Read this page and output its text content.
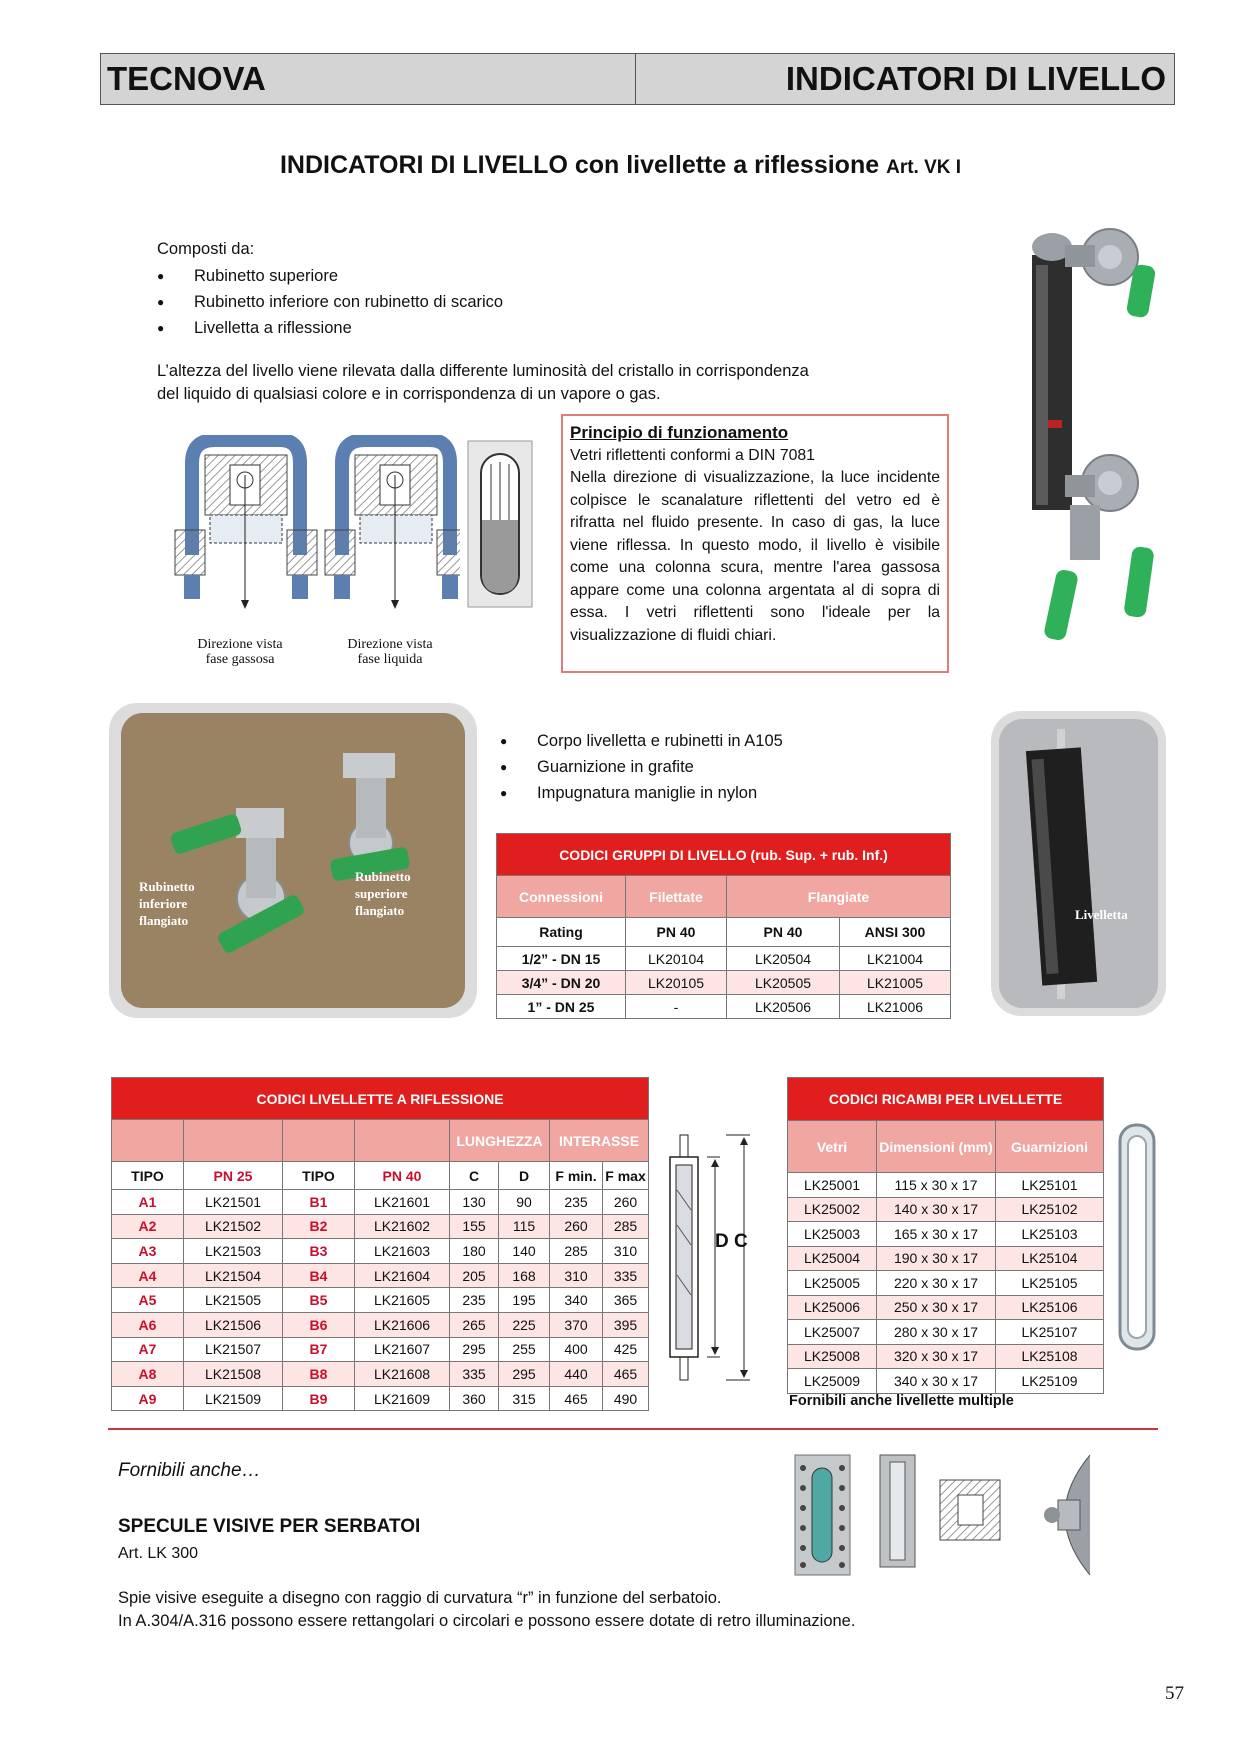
TECNOVA	INDICATORI DI LIVELLO
INDICATORI DI LIVELLO con livellette a riflessione Art. VK I
Composti da:
● Rubinetto superiore
● Rubinetto inferiore con rubinetto di scarico
● Livelletta a riflessione
L’altezza del livello viene rilevata dalla differente luminosità del cristallo in corrispondenza
del liquido di qualsiasi colore e in corrispondenza di un vapore o gas.
Direzione vista
fase gassosa
Direzione vista
fase liquida
Principio di funzionamento
Vetri riflettenti conformi a DIN 7081
Nella direzione di visualizzazione, la luce incidente colpisce le scanalature riflettenti del vetro ed è rifratta nel fluido presente. In caso di gas, la luce viene riflessa. In questo modo, il livello è visibile come una colonna scura, mentre l'area gassosa appare come una colonna argentata al di sopra di essa. I vetri riflettenti sono l'ideale per la visualizzazione di fluidi chiari.
Rubinetto
inferiore
flangiato
Rubinetto
superiore
flangiato
● Corpo livelletta e rubinetti in A105
● Guarnizione in grafite
● Impugnatura maniglie in nylon
CODICI GRUPPI DI LIVELLO (rub. Sup. + rub. Inf.)			
Connessioni	Filettate	Flangiate	
Rating	PN 40	PN 40	ANSI 300
1/2” - DN 15	LK20104	LK20504	LK21004
3/4” - DN 20	LK20105	LK20505	LK21005
1” - DN 25	-	LK20506	LK21006
Livelletta
CODICI LIVELLETTE A RIFLESSIONE							
				LUNGHEZZA		INTERASSE	
TIPO	PN 25	TIPO	PN 40	C	D	F min.	F max
A1	LK21501	B1	LK21601	130	90	235	260
A2	LK21502	B2	LK21602	155	115	260	285
A3	LK21503	B3	LK21603	180	140	285	310
A4	LK21504	B4	LK21604	205	168	310	335
A5	LK21505	B5	LK21605	235	195	340	365
A6	LK21506	B6	LK21606	265	225	370	395
A7	LK21507	B7	LK21607	295	255	400	425
A8	LK21508	B8	LK21608	335	295	440	465
A9	LK21509	B9	LK21609	360	315	465	490
D C
CODICI RICAMBI PER LIVELLETTE		
Vetri	Dimensioni (mm)	Guarnizioni
LK25001	115 x 30 x 17	LK25101
LK25002	140 x 30 x 17	LK25102
LK25003	165 x 30 x 17	LK25103
LK25004	190 x 30 x 17	LK25104
LK25005	220 x 30 x 17	LK25105
LK25006	250 x 30 x 17	LK25106
LK25007	280 x 30 x 17	LK25107
LK25008	320 x 30 x 17	LK25108
LK25009	340 x 30 x 17	LK25109
Fornibili anche livellette multiple
Fornibili anche…
SPECULE VISIVE PER SERBATOI
Art. LK 300
Spie visive eseguite a disegno con raggio di curvatura “r” in funzione del serbatoio.
In A.304/A.316 possono essere rettangolari o circolari e possono essere dotate di retro illuminazione.
57
